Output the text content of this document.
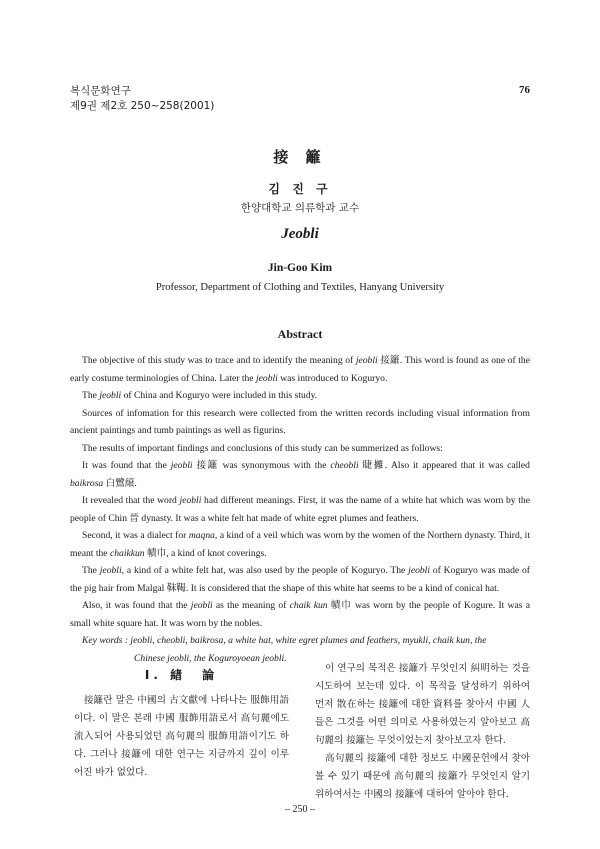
복식문화연구
제9권 제2호 250~258(2001)
76
接 籬
김 진 구
한양대학교 의류학과 교수
Jeobli
Jin-Goo Kim
Professor, Department of Clothing and Textiles, Hanyang University
Abstract

The objective of this study was to trace and to identify the meaning of jeobli 接籬. This word is found as one of the early costume terminologies of China. Later the jeobli was introduced to Koguryo.

The jeobli of China and Koguryo were included in this study.

Sources of infomation for this research were collected from the written records including visual information from ancient paintings and tumb paintings as well as figurins.

The results of important findings and conclusions of this study can be summerized as follows:

It was found that the jeobli 接籬 was synonymous with the cheobli 睫攡. Also it appeared that it was called baikrosa 白鷺縗.

It revealed that the word jeobli had different meanings. First, it was the name of a white hat which was worn by the people of Chin 晉 dynasty. It was a white felt hat made of white egret plumes and feathers.

Second, it was a dialect for maqna, a kind of a veil which was worn by the women of the Northern dynasty. Third, it meant the chaikkun 幘巾, a kind of knot coverings.

The jeobli, a kind of a white felt hat, was also used by the people of Koguryo. The jeobli of Koguryo was made of the pig hair from Malgal 靺鞨. It is considered that the shape of this white hat seems to be a kind of conical hat.

Also, it was found that the jeobli as the meaning of chaik kun 幘巾 was worn by the people of Kogure. It was a small white square hat. It was worn by the nobles.

Key words : jeobli, cheobli, baikrosa, a white hat, white egret plumes and feathers, myukli, chaik kun, the
Chinese jeobli, the Koguroyoean jeobli.
Ⅰ. 緖　論

接籬란 말은 中國의 古文獻에 나타나는 服飾用語이다. 이 말은 본래 中國 服飾用語로서 高句麗에도 流入되어 사용되었던 高句麗의 服飾用語이기도 하다. 그러나 接籬에 대한 연구는 지금까지 깊이 이루어진 바가 없었다.

이 연구의 목적은 接籬가 무엇인지 糾明하는 것을 시도하여 보는데 있다. 이 목적을 달성하기 위하여 먼저 散在하는 接籬에 대한 資料를 찾아서 中國 人들은 그것을 어떤 의미로 사용하였는지 알아보고 高句麗의 接籬는 무엇이었는지 찾아보고자 한다.

高句麗의 接籬에 대한 정보도 中國문헌에서 찾아볼 수 있기 때문에 高句麗의 接籬가 무엇인지 알기 위하여서는 中國의 接籬에 대하여 알아야 한다.

– 250 –
